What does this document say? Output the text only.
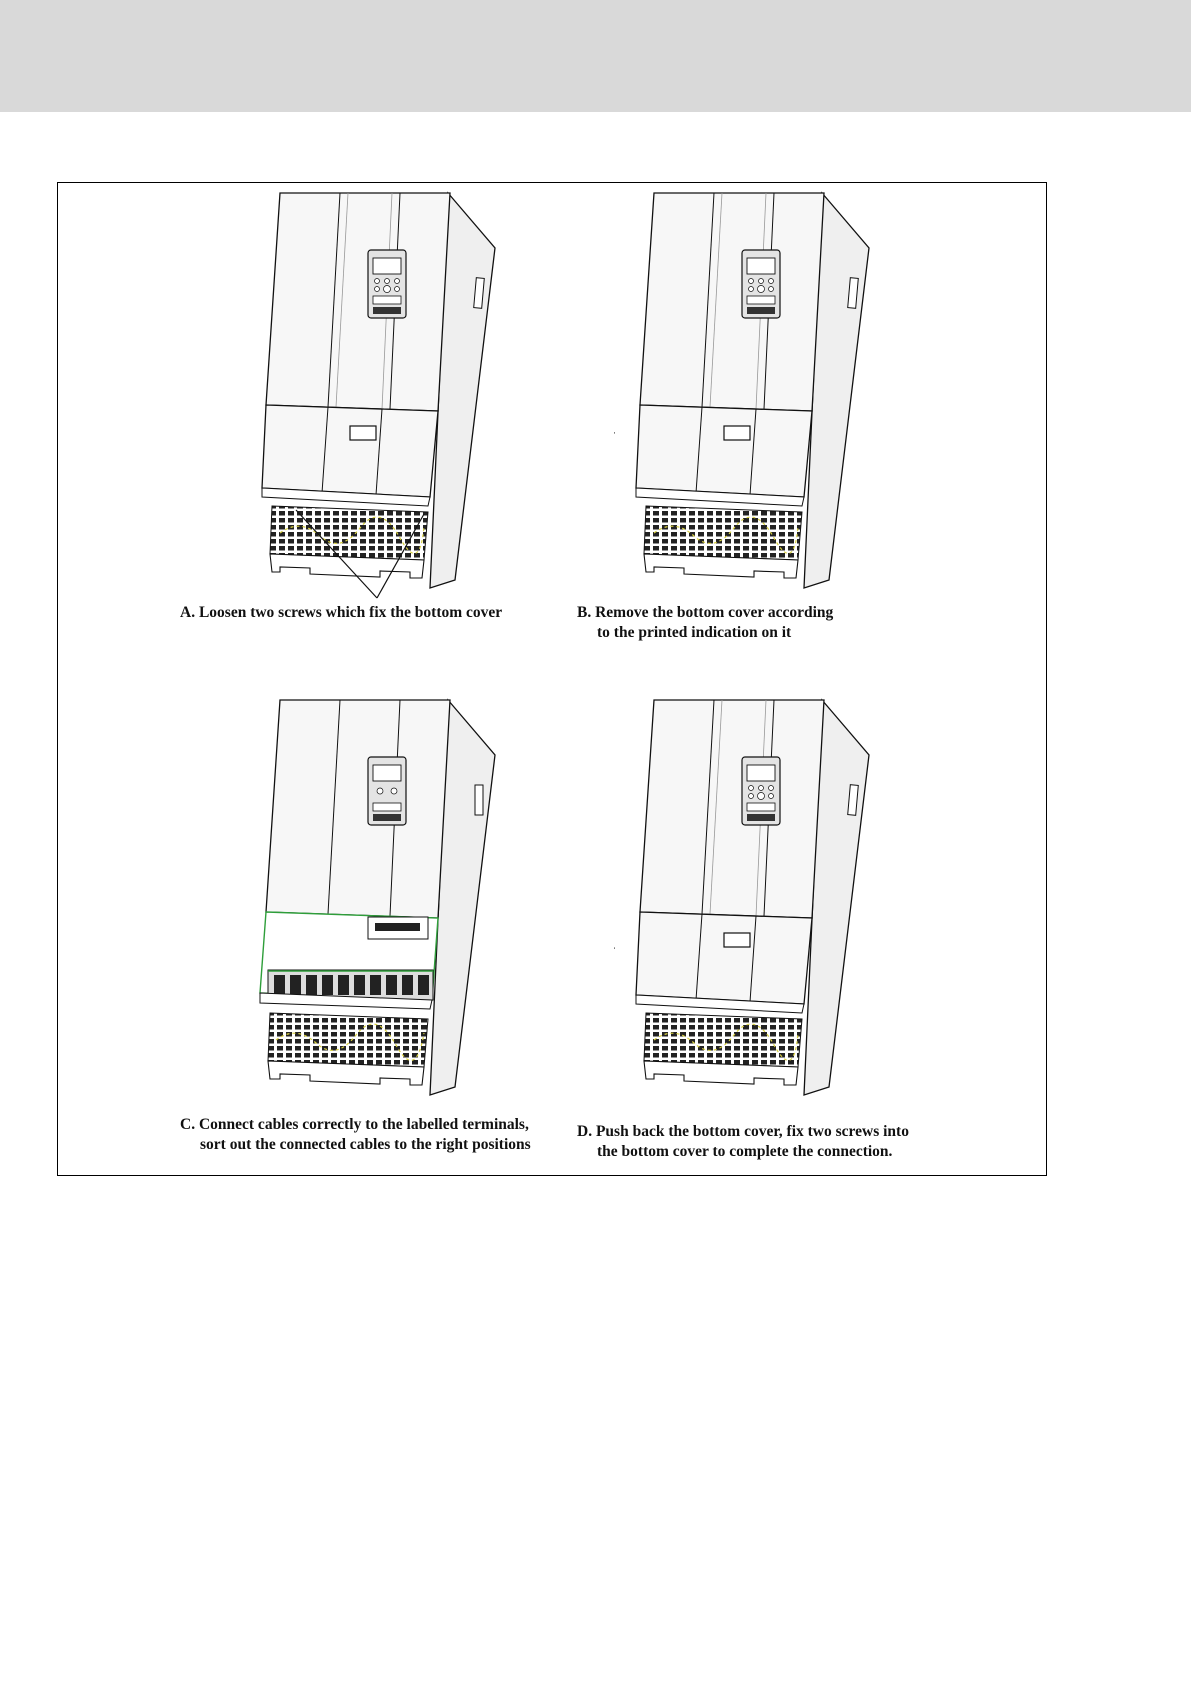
A. Loosen two screws which fix the bottom cover	B. Remove the bottom cover according
to the printed indication on it
C. Connect cables correctly to the labelled terminals,
sort out the connected cables to the right positions
D. Push back the bottom cover, fix two screws into
the bottom cover to complete the connection.
